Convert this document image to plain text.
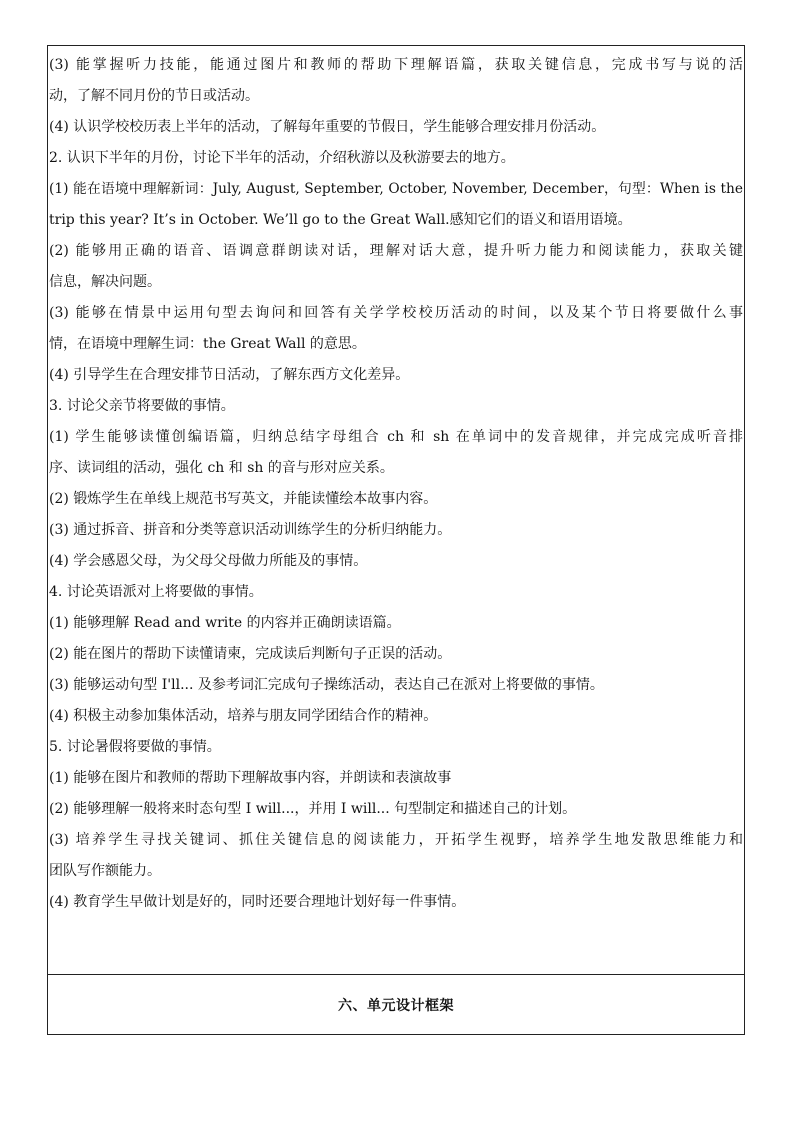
(3) 能掌握听力技能，能通过图片和教师的帮助下理解语篇，获取关键信息，完成书写与说的活
动，了解不同月份的节日或活动。
(4) 认识学校校历表上半年的活动，了解每年重要的节假日，学生能够合理安排月份活动。
2. 认识下半年的月份，讨论下半年的活动，介绍秋游以及秋游要去的地方。
(1) 能在语境中理解新词：July, August, September, October, November, December，句型：When is the
trip this year? It’s in October. We’ll go to the Great Wall.感知它们的语义和语用语境。
(2) 能够用正确的语音、语调意群朗读对话，理解对话大意，提升听力能力和阅读能力，获取关键
信息，解决问题。
(3) 能够在情景中运用句型去询问和回答有关学学校校历活动的时间，以及某个节日将要做什么事
情，在语境中理解生词：the Great Wall 的意思。
(4) 引导学生在合理安排节日活动，了解东西方文化差异。
3. 讨论父亲节将要做的事情。
(1) 学生能够读懂创编语篇，归纳总结字母组合 ch 和 sh 在单词中的发音规律，并完成完成听音排
序、读词组的活动，强化 ch 和 sh 的音与形对应关系。
(2) 锻炼学生在单线上规范书写英文，并能读懂绘本故事内容。
(3) 通过拆音、拼音和分类等意识活动训练学生的分析归纳能力。
(4) 学会感恩父母，为父母父母做力所能及的事情。
4. 讨论英语派对上将要做的事情。
(1) 能够理解 Read and write 的内容并正确朗读语篇。
(2) 能在图片的帮助下读懂请柬，完成读后判断句子正误的活动。
(3) 能够运动句型 I'll... 及参考词汇完成句子操练活动，表达自己在派对上将要做的事情。
(4) 积极主动参加集体活动，培养与朋友同学团结合作的精神。
5. 讨论暑假将要做的事情。
(1) 能够在图片和教师的帮助下理解故事内容，并朗读和表演故事
(2) 能够理解一般将来时态句型 I will...，并用 I will... 句型制定和描述自己的计划。
(3) 培养学生寻找关键词、抓住关键信息的阅读能力，开拓学生视野，培养学生地发散思维能力和
团队写作额能力。
(4) 教育学生早做计划是好的，同时还要合理地计划好每一件事情。
六、单元设计框架
